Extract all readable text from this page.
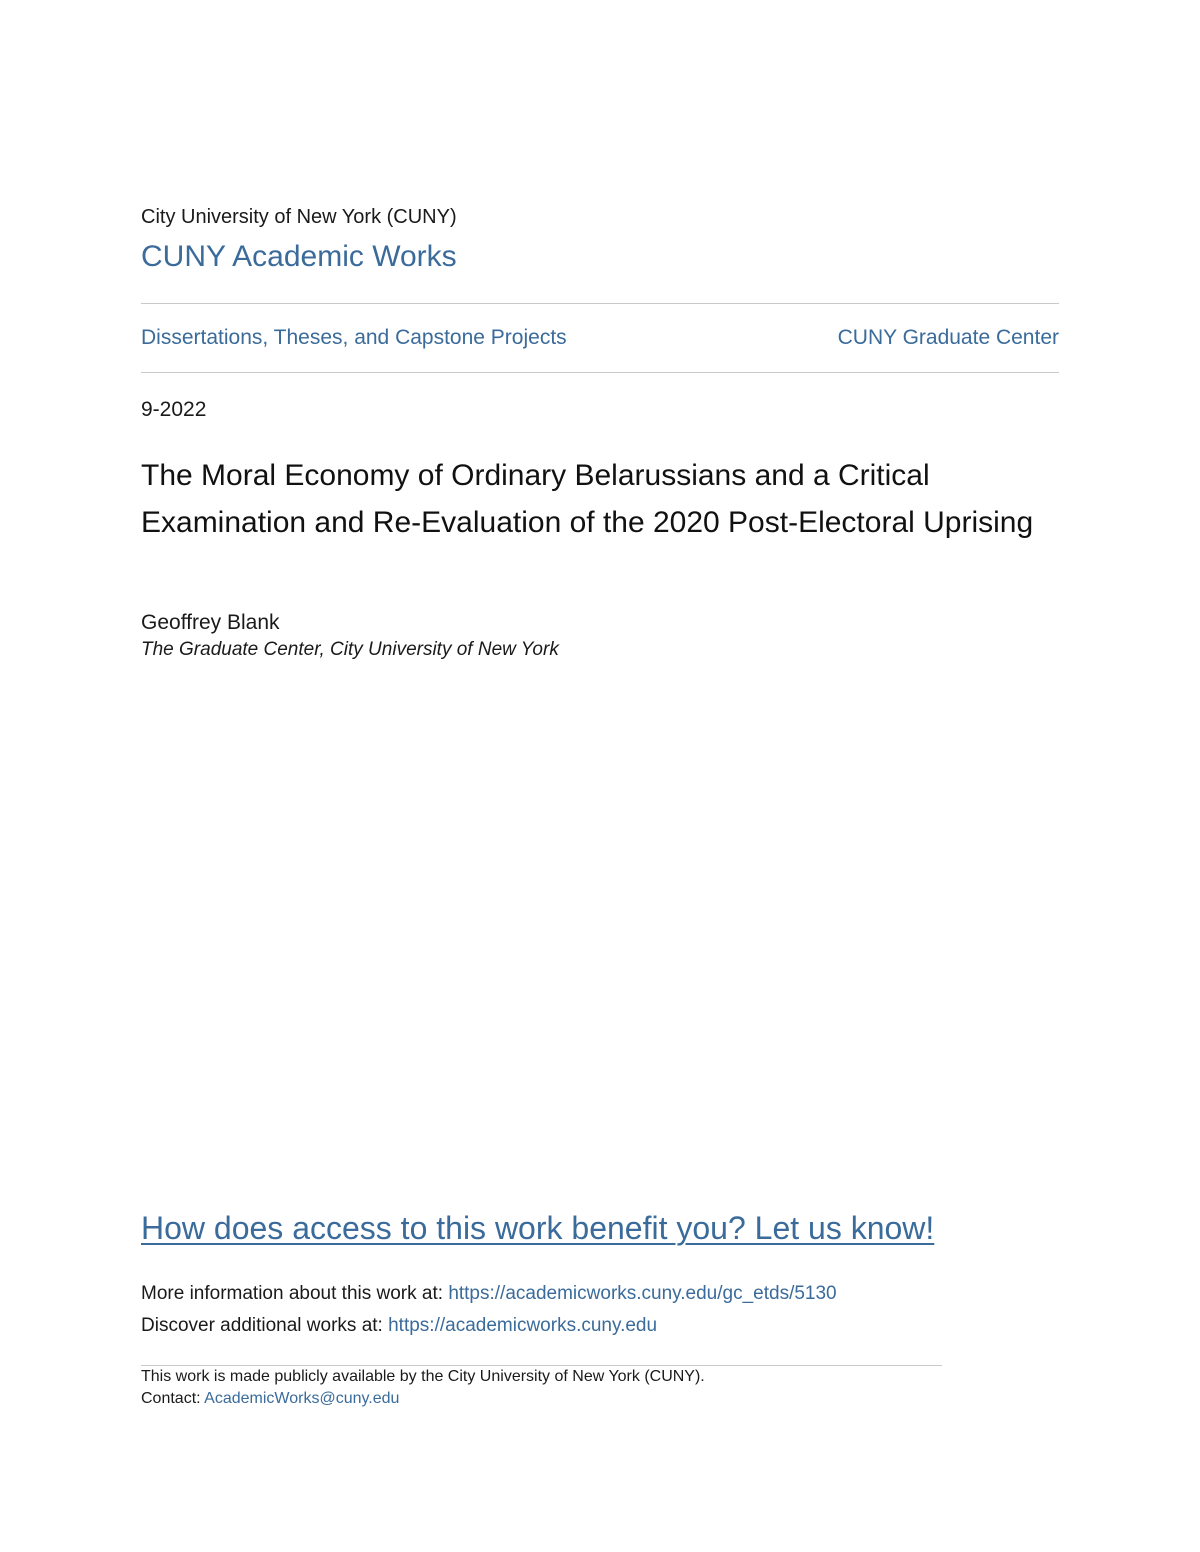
City University of New York (CUNY)
CUNY Academic Works
Dissertations, Theses, and Capstone Projects	CUNY Graduate Center
9-2022
The Moral Economy of Ordinary Belarussians and a Critical Examination and Re-Evaluation of the 2020 Post-Electoral Uprising
Geoffrey Blank
The Graduate Center, City University of New York
How does access to this work benefit you? Let us know!
More information about this work at: https://academicworks.cuny.edu/gc_etds/5130
Discover additional works at: https://academicworks.cuny.edu
This work is made publicly available by the City University of New York (CUNY).
Contact: AcademicWorks@cuny.edu
